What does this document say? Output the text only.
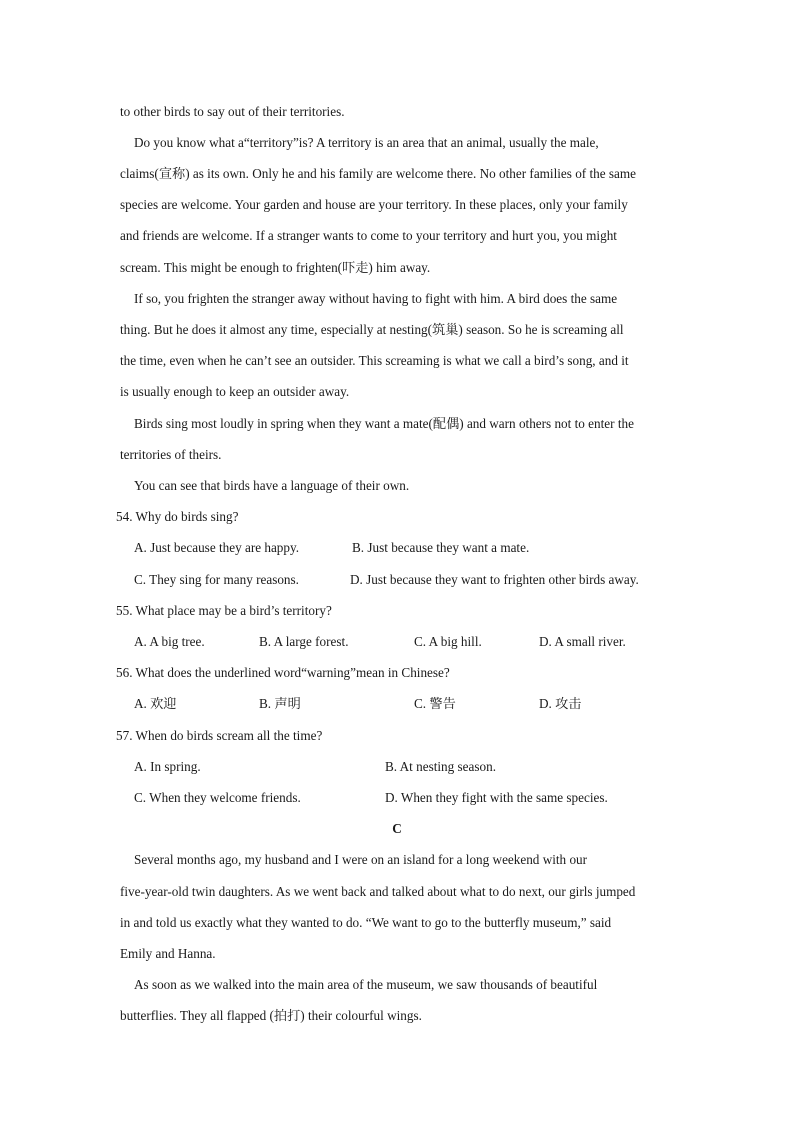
to other birds to say out of their territories.
Do you know what a“territory”is? A territory is an area that an animal, usually the male,
claims(宣称) as its own. Only he and his family are welcome there. No other families of the same
species are welcome. Your garden and house are your territory. In these places, only your family
and friends are welcome. If a stranger wants to come to your territory and hurt you, you might
scream. This might be enough to frighten(吓走) him away.
If so, you frighten the stranger away without having to fight with him. A bird does the same
thing. But he does it almost any time, especially at nesting(筑巢) season. So he is screaming all
the time, even when he can’t see an outsider. This screaming is what we call a bird’s song, and it
is usually enough to keep an outsider away.
Birds sing most loudly in spring when they want a mate(配偶) and warn others not to enter the
territories of theirs.
You can see that birds have a language of their own.
54. Why do birds sing?
A. Just because they are happy.	B. Just because they want a mate.
C. They sing for many reasons.	D. Just because they want to frighten other birds away.
55. What place may be a bird’s territory?
A. A big tree.	B. A large forest.	C. A big hill.	D. A small river.
56. What does the underlined word“warning”mean in Chinese?
A. 欢迎	B. 声明	C. 警告	D. 攻击
57. When do birds scream all the time?
A. In spring.	B. At nesting season.
C. When they welcome friends.	D. When they fight with the same species.
C
Several months ago, my husband and I were on an island for a long weekend with our
five-year-old twin daughters. As we went back and talked about what to do next, our girls jumped
in and told us exactly what they wanted to do. “We want to go to the butterfly museum,” said
Emily and Hanna.
As soon as we walked into the main area of the museum, we saw thousands of beautiful
butterflies. They all flapped (拍打) their colourful wings.
